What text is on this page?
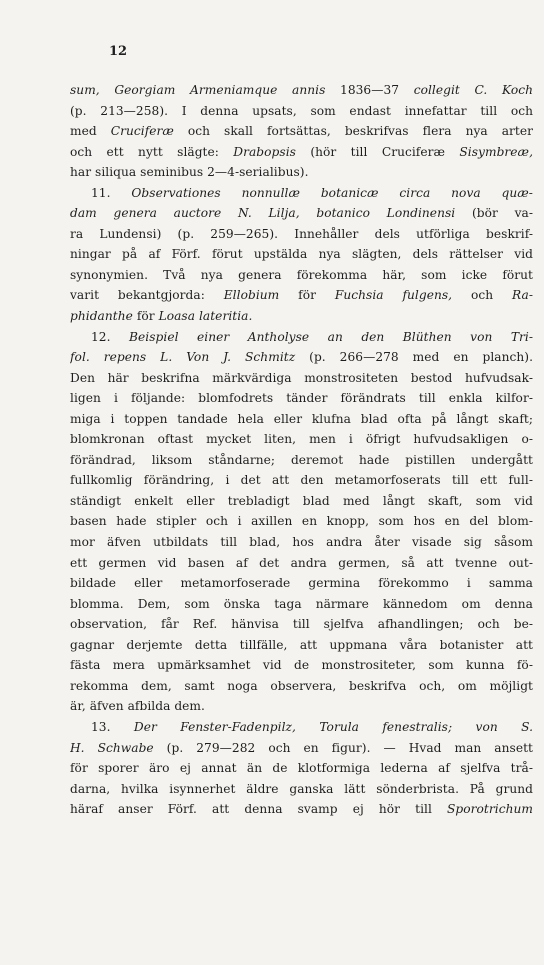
12
sum, Georgiam Armeniamque annis 1836—37 collegit C. Koch
(p. 213—258). I denna upsats, som endast innefattar till och
med Cruciferæ och skall fortsättas, beskrifvas flera nya arter
och ett nytt slägte: Drabopsis (hör till Cruciferæ Sisymbreæ,
har siliqua seminibus 2—4-serialibus).
11. Observationes nonnullæ botanicæ circa nova quæ-
dam genera auctore N. Lilja, botanico Londinensi (bör va-
ra Lundensi) (p. 259—265). Innehåller dels utförliga beskrif-
ningar på af Förf. förut upstälda nya slägten, dels rättelser vid
synonymien. Två nya genera förekomma här, som icke förut
varit bekantgjorda: Ellobium för Fuchsia fulgens, och Ra-
phidanthe för Loasa lateritia.
12. Beispiel einer Antholyse an den Blüthen von Tri-
fol. repens L. Von J. Schmitz (p. 266—278 med en planch).
Den här beskrifna märkvärdiga monstrositeten bestod hufvudsak-
ligen i följande: blomfodrets tänder förändrats till enkla kilfor-
miga i toppen tandade hela eller klufna blad ofta på långt skaft;
blomkronan oftast mycket liten, men i öfrigt hufvudsakligen o-
förändrad, liksom ståndarne; deremot hade pistillen undergått
fullkomlig förändring, i det att den metamorfoserats till ett full-
ständigt enkelt eller trebladigt blad med långt skaft, som vid
basen hade stipler och i axillen en knopp, som hos en del blom-
mor äfven utbildats till blad, hos andra åter visade sig såsom
ett germen vid basen af det andra germen, så att tvenne out-
bildade eller metamorfoserade germina förekommo i samma
blomma. Dem, som önska taga närmare kännedom om denna
observation, får Ref. hänvisa till sjelfva afhandlingen; och be-
gagnar derjemte detta tillfälle, att uppmana våra botanister att
fästa mera upmärksamhet vid de monstrositeter, som kunna fö-
rekomma dem, samt noga observera, beskrifva och, om möjligt
är, äfven afbilda dem.
13. Der Fenster-Fadenpilz, Torula fenestralis; von S.
H. Schwabe (p. 279—282 och en figur). — Hvad man ansett
för sporer äro ej annat än de klotformiga lederna af sjelfva trå-
darna, hvilka isynnerhet äldre ganska lätt sönderbrista. På grund
häraf anser Förf. att denna svamp ej hör till Sporotrichum
